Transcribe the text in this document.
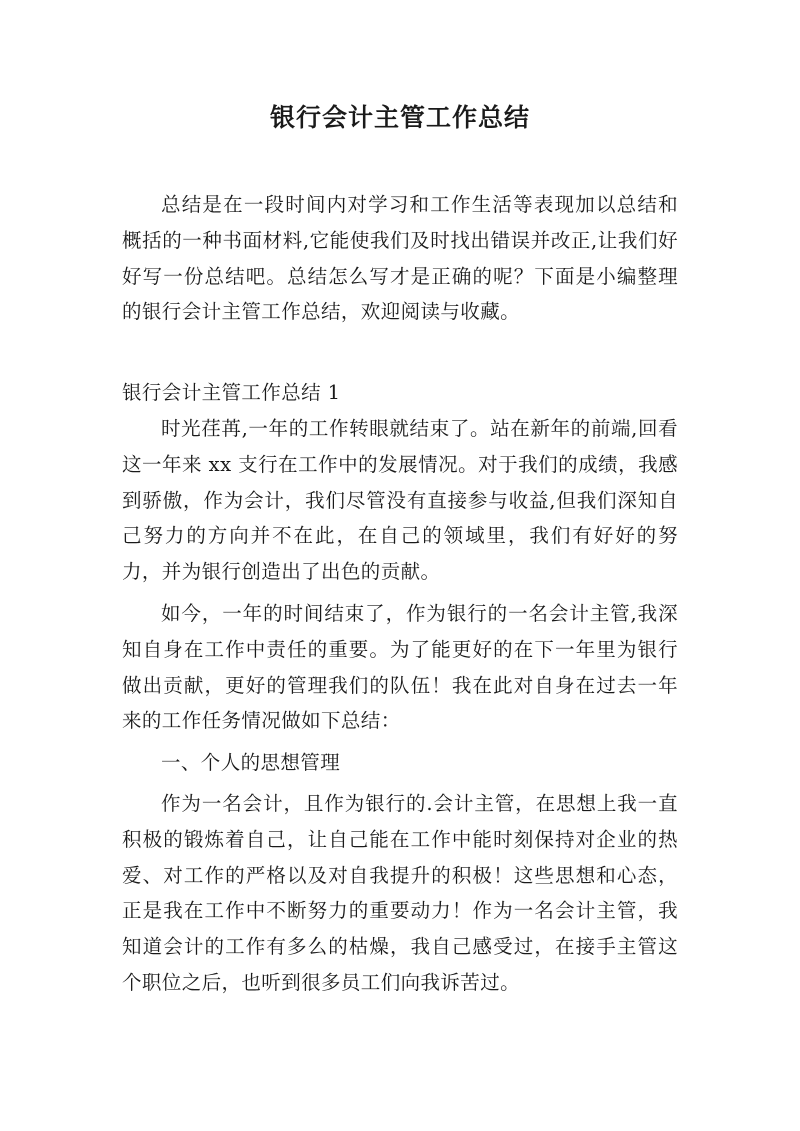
银行会计主管工作总结

总结是在一段时间内对学习和工作生活等表现加以总结和概括的一种书面材料,它能使我们及时找出错误并改正,让我们好好写一份总结吧。总结怎么写才是正确的呢？下面是小编整理的银行会计主管工作总结，欢迎阅读与收藏。

银行会计主管工作总结 1

时光荏苒,一年的工作转眼就结束了。站在新年的前端,回看这一年来 xx 支行在工作中的发展情况。对于我们的成绩，我感到骄傲，作为会计，我们尽管没有直接参与收益,但我们深知自己努力的方向并不在此，在自己的领域里，我们有好好的努力，并为银行创造出了出色的贡献。

如今，一年的时间结束了，作为银行的一名会计主管,我深知自身在工作中责任的重要。为了能更好的在下一年里为银行做出贡献，更好的管理我们的队伍！我在此对自身在过去一年来的工作任务情况做如下总结：

一、个人的思想管理

作为一名会计，且作为银行的.会计主管，在思想上我一直积极的锻炼着自己，让自己能在工作中能时刻保持对企业的热爱、对工作的严格以及对自我提升的积极！这些思想和心态，正是我在工作中不断努力的重要动力！作为一名会计主管，我知道会计的工作有多么的枯燥，我自己感受过，在接手主管这个职位之后，也听到很多员工们向我诉苦过。
